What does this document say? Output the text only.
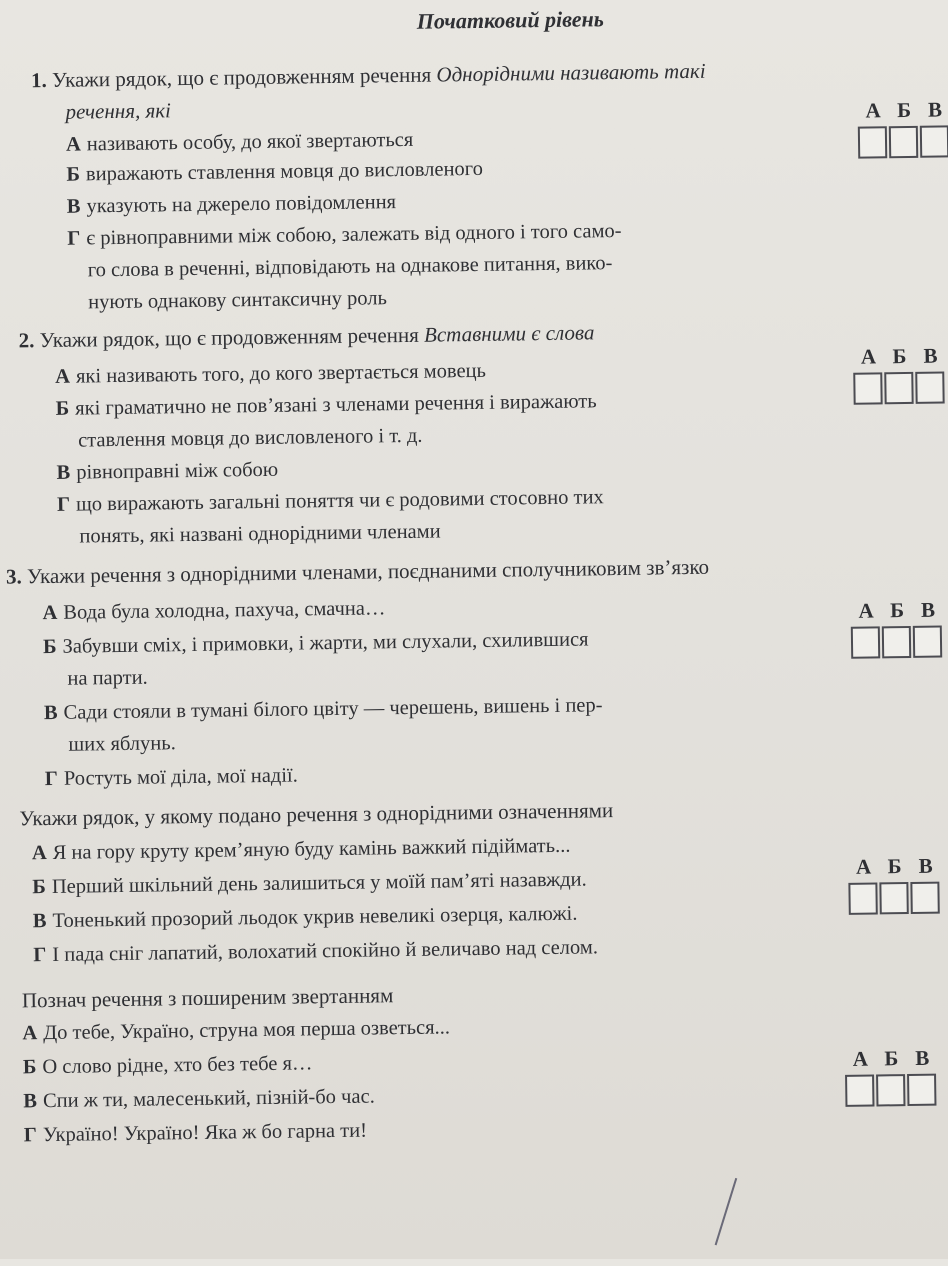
Початковий рівень
1. Укажи рядок, що є продовженням речення Однорідними називають такі
речення, які
А називають особу, до якої звертаються
Б виражають ставлення мовця до висловленого
В указують на джерело повідомлення
Г є рівноправними між собою, залежать від одного і того само-
го слова в реченні, відповідають на однакове питання, вико-
нують однакову синтаксичну роль
А Б В
2. Укажи рядок, що є продовженням речення Вставними є слова
А які називають того, до кого звертається мовець
Б які граматично не пов’язані з членами речення і виражають
ставлення мовця до висловленого і т. д.
В рівноправні між собою
Г що виражають загальні поняття чи є родовими стосовно тих
понять, які названі однорідними членами
А Б В
3. Укажи речення з однорідними членами, поєднаними сполучниковим зв’язко
А Вода була холодна, пахуча, смачна…
Б Забувши сміх, і примовки, і жарти, ми слухали, схилившися
на парти.
В Сади стояли в тумані білого цвіту — черешень, вишень і пер-
ших яблунь.
Г Ростуть мої діла, мої надії.
А Б В
Укажи рядок, у якому подано речення з однорідними означеннями
А Я на гору круту крем’яную буду камінь важкий підіймать...
Б Перший шкільний день залишиться у моїй пам’яті назавжди.
В Тоненький прозорий льодок укрив невеликі озерця, калюжі.
Г І пада сніг лапатий, волохатий спокійно й величаво над селом.
А Б В
Познач речення з поширеним звертанням
А До тебе, Україно, струна моя перша озветься...
Б О слово рідне, хто без тебе я…
В Спи ж ти, малесенький, пізній-бо час.
Г Україно! Україно! Яка ж бо гарна ти!
А Б В
